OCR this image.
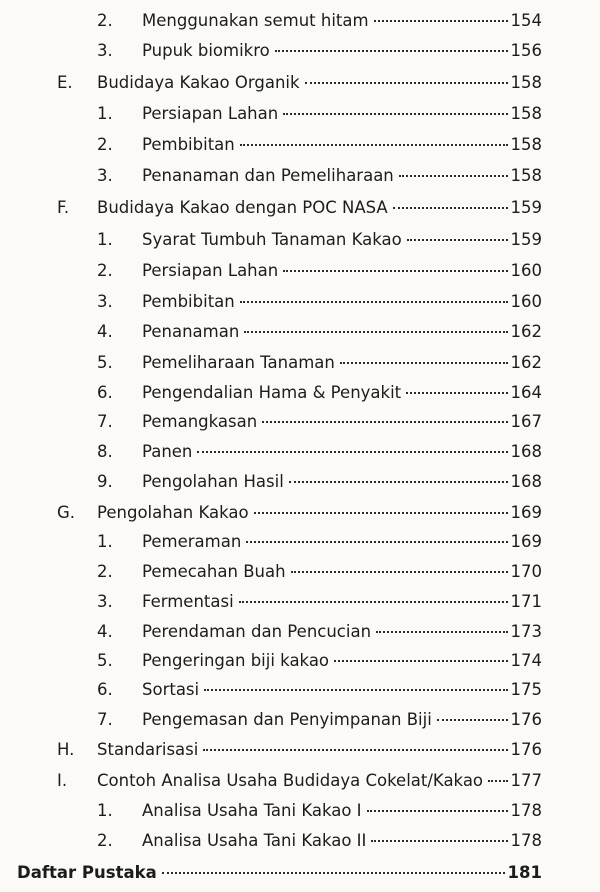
2. Menggunakan semut hitam	154
3. Pupuk biomikro	156
E. Budidaya Kakao Organik	158
1. Persiapan Lahan	158
2. Pembibitan	158
3. Penanaman dan Pemeliharaan	158
F. Budidaya Kakao dengan POC NASA	159
1. Syarat Tumbuh Tanaman Kakao	159
2. Persiapan Lahan	160
3. Pembibitan	160
4. Penanaman	162
5. Pemeliharaan Tanaman	162
6. Pengendalian Hama & Penyakit	164
7. Pemangkasan	167
8. Panen	168
9. Pengolahan Hasil	168
G. Pengolahan Kakao	169
1. Pemeraman	169
2. Pemecahan Buah	170
3. Fermentasi	171
4. Perendaman dan Pencucian	173
5. Pengeringan biji kakao	174
6. Sortasi	175
7. Pengemasan dan Penyimpanan Biji	176
H. Standarisasi	176
I. Contoh Analisa Usaha Budidaya Cokelat/Kakao 177
1. Analisa Usaha Tani Kakao I	178
2. Analisa Usaha Tani Kakao II	178
Daftar Pustaka	181
